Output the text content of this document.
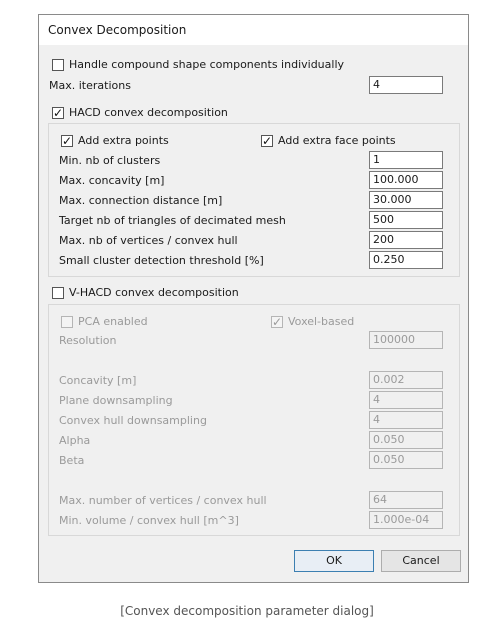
Convex Decomposition
Handle compound shape components individually
Max. iterations	4
✓ HACD convex decomposition
✓ Add extra points	✓ Add extra face points
Min. nb of clusters	1
Max. concavity [m]	100.000
Max. connection distance [m]	30.000
Target nb of triangles of decimated mesh	500
Max. nb of vertices / convex hull	200
Small cluster detection threshold [%]	0.250
V-HACD convex decomposition
PCA enabled	✓ Voxel-based
Resolution	100000
Concavity [m]	0.002
Plane downsampling	4
Convex hull downsampling	4
Alpha	0.050
Beta	0.050
Max. number of vertices / convex hull	64
Min. volume / convex hull [m^3]	1.000e-04
OK	Cancel
[Convex decomposition parameter dialog]
